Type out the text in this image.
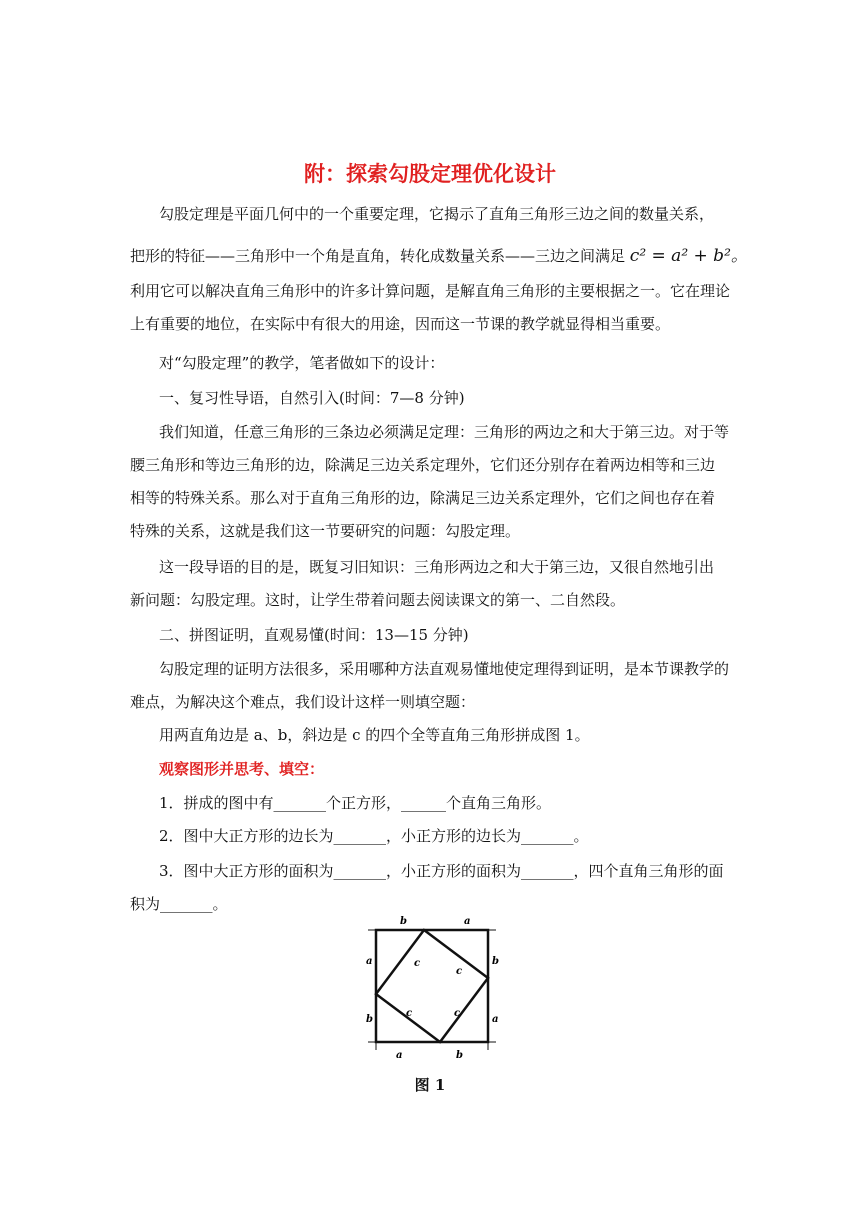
附：探索勾股定理优化设计
勾股定理是平面几何中的一个重要定理，它揭示了直角三角形三边之间的数量关系，
把形的特征——三角形中一个角是直角，转化成数量关系——三边之间满足 c² = a² + b²。
利用它可以解决直角三角形中的许多计算问题，是解直角三角形的主要根据之一。它在理论
上有重要的地位，在实际中有很大的用途，因而这一节课的教学就显得相当重要。
对“勾股定理”的教学，笔者做如下的设计：
一、复习性导语，自然引入(时间：7—8 分钟)
我们知道，任意三角形的三条边必须满足定理：三角形的两边之和大于第三边。对于等
腰三角形和等边三角形的边，除满足三边关系定理外，它们还分别存在着两边相等和三边
相等的特殊关系。那么对于直角三角形的边，除满足三边关系定理外，它们之间也存在着
特殊的关系，这就是我们这一节要研究的问题：勾股定理。
这一段导语的目的是，既复习旧知识：三角形两边之和大于第三边，又很自然地引出
新问题：勾股定理。这时，让学生带着问题去阅读课文的第一、二自然段。
二、拼图证明，直观易懂(时间：13—15 分钟)
勾股定理的证明方法很多，采用哪种方法直观易懂地使定理得到证明，是本节课教学的
难点，为解决这个难点，我们设计这样一则填空题：
用两直角边是 a、b，斜边是 c 的四个全等直角三角形拼成图 1。
观察图形并思考、填空：
1．拼成的图中有_______个正方形，______个直角三角形。
2．图中大正方形的边长为_______，小正方形的边长为_______。
3．图中大正方形的面积为_______，小正方形的面积为_______，四个直角三角形的面
积为_______。
b	a
a
b
b
a
a	b
c
c
c	c
图 1
